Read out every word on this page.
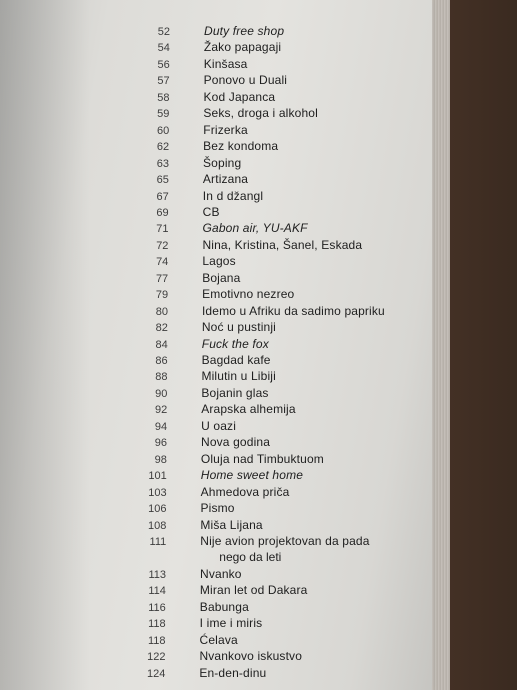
52	Duty free shop
54	Žako papagaji
56	Kinšasa
57	Ponovo u Duali
58	Kod Japanca
59	Seks, droga i alkohol
60	Frizerka
62	Bez kondoma
63	Šoping
65	Artizana
67	In d džangl
69	CB
71	Gabon air, YU-AKF
72	Nina, Kristina, Šanel, Eskada
74	Lagos
77	Bojana
79	Emotivno nezreo
80	Idemo u Afriku da sadimo papriku
82	Noć u pustinji
84	Fuck the fox
86	Bagdad kafe
88	Milutin u Libiji
90	Bojanin glas
92	Arapska alhemija
94	U oazi
96	Nova godina
98	Oluja nad Timbuktuom
101	Home sweet home
103	Ahmedova priča
106	Pismo
108	Miša Lijana
111	Nije avion projektovan da pada
nego da leti
113	Nvanko
114	Miran let od Dakara
116	Babunga
118	I ime i miris
118	Ćelava
122	Nvankovo iskustvo
124	En-den-dinu
